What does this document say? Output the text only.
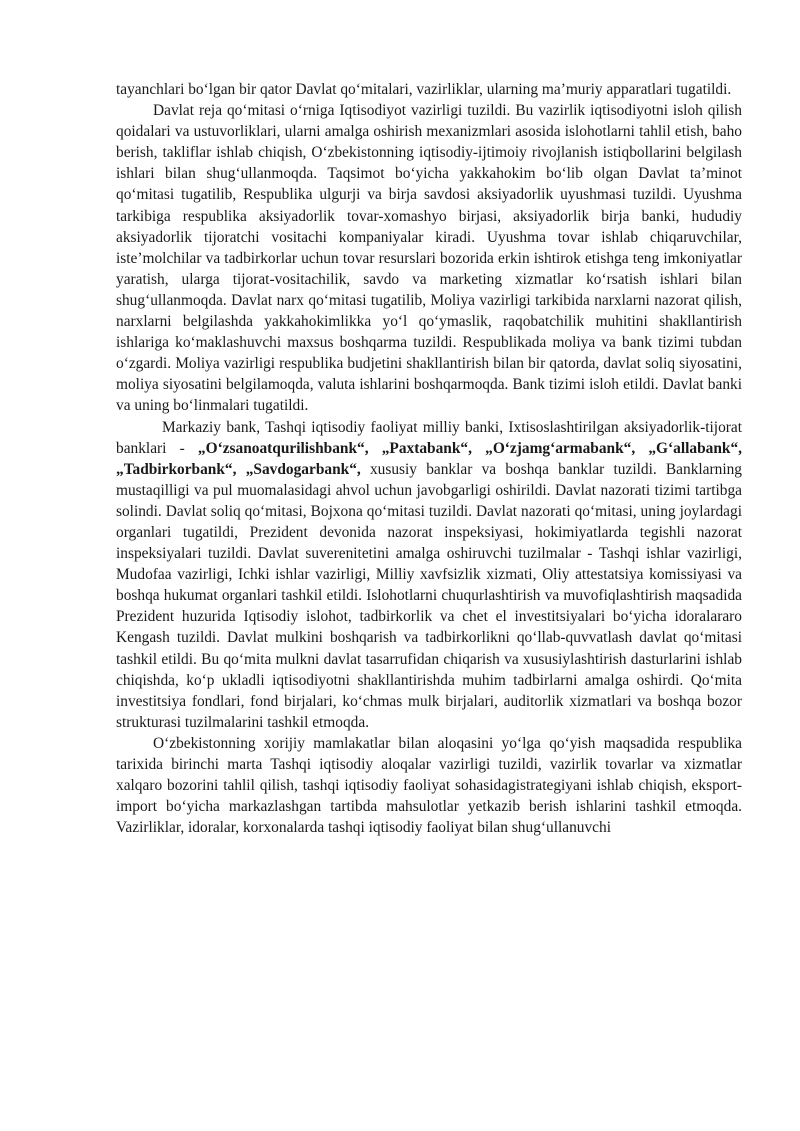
tayanchlari bo‘lgan bir qator Davlat qo‘mitalari, vazirliklar, ularning ma’muriy apparatlari tugatildi.

Davlat reja qo‘mitasi o‘rniga Iqtisodiyot vazirligi tuzildi. Bu vazirlik iqtisodiyotni isloh qilish qoidalari va ustuvorliklari, ularni amalga oshirish mexanizmlari asosida islohotlarni tahlil etish, baho berish, takliflar ishlab chiqish, O‘zbekistonning iqtisodiy-ijtimoiy rivojlanish istiqbollarini belgilash ishlari bilan shug‘ullanmoqda. Taqsimot bo‘yicha yakkahokim bo‘lib olgan Davlat ta’minot qo‘mitasi tugatilib, Respublika ulgurji va birja savdosi aksiyadorlik uyushmasi tuzildi. Uyushma tarkibiga respublika aksiyadorlik tovar-xomashyo birjasi, aksiyadorlik birja banki, hududiy aksiyadorlik tijoratchi vositachi kompaniyalar kiradi. Uyushma tovar ishlab chiqaruvchilar, iste’molchilar va tadbirkorlar uchun tovar resurslari bozorida erkin ishtirok etishga teng imkoniyatlar yaratish, ularga tijorat-vositachilik, savdo va marketing xizmatlar ko‘rsatish ishlari bilan shug‘ullanmoqda. Davlat narx qo‘mitasi tugatilib, Moliya vazirligi tarkibida narxlarni nazorat qilish, narxlarni belgilashda yakkahokimlikka yo‘l qo‘ymaslik, raqobatchilik muhitini shakllantirish ishlariga ko‘maklashuvchi maxsus boshqarma tuzildi. Respublikada moliya va bank tizimi tubdan o‘zgardi. Moliya vazirligi respublika budjetini shakllantirish bilan bir qatorda, davlat soliq siyosatini, moliya siyosatini belgilamoqda, valuta ishlarini boshqarmoqda. Bank tizimi isloh etildi. Davlat banki va uning bo‘linmalari tugatildi.

Markaziy bank, Tashqi iqtisodiy faoliyat milliy banki, Ixtisoslashtirilgan aksiyadorlik-tijorat banklari - „O‘zsanoatqurilishbank“, „Paxtabank“, „O‘zjamg‘armabank“, „G‘allabank“, „Tadbirkorbank“, „Savdogarbank“, xususiy banklar va boshqa banklar tuzildi. Banklarning mustaqilligi va pul muomalasidagi ahvol uchun javobgarligi oshirildi. Davlat nazorati tizimi tartibga solindi. Davlat soliq qo‘mitasi, Bojxona qo‘mitasi tuzildi. Davlat nazorati qo‘mitasi, uning joylardagi organlari tugatildi, Prezident devonida nazorat inspeksiyasi, hokimiyatlarda tegishli nazorat inspeksiyalari tuzildi. Davlat suverenitetini amalga oshiruvchi tuzilmalar - Tashqi ishlar vazirligi, Mudofaa vazirligi, Ichki ishlar vazirligi, Milliy xavfsizlik xizmati, Oliy attestatsiya komissiyasi va boshqa hukumat organlari tashkil etildi. Islohotlarni chuqurlashtirish va muvofiqlashtirish maqsadida Prezident huzurida Iqtisodiy islohot, tadbirkorlik va chet el investitsiyalari bo‘yicha idoralararo Kengash tuzildi. Davlat mulkini boshqarish va tadbirkorlikni qo‘llab-quvvatlash davlat qo‘mitasi tashkil etildi. Bu qo‘mita mulkni davlat tasarrufidan chiqarish va xususiylashtirish dasturlarini ishlab chiqishda, ko‘p ukladli iqtisodiyotni shakllantirishda muhim tadbirlarni amalga oshirdi. Qo‘mita investitsiya fondlari, fond birjalari, ko‘chmas mulk birjalari, auditorlik xizmatlari va boshqa bozor strukturasi tuzilmalarini tashkil etmoqda.

O‘zbekistonning xorijiy mamlakatlar bilan aloqasini yo‘lga qo‘yish maqsadida respublika tarixida birinchi marta Tashqi iqtisodiy aloqalar vazirligi tuzildi, vazirlik tovarlar va xizmatlar xalqaro bozorini tahlil qilish, tashqi iqtisodiy faoliyat sohasidagistrategiyani ishlab chiqish, eksport-import bo‘yicha markazlashgan tartibda mahsulotlar yetkazib berish ishlarini tashkil etmoqda. Vazirliklar, idoralar, korxonalarda tashqi iqtisodiy faoliyat bilan shug‘ullanuvchi
